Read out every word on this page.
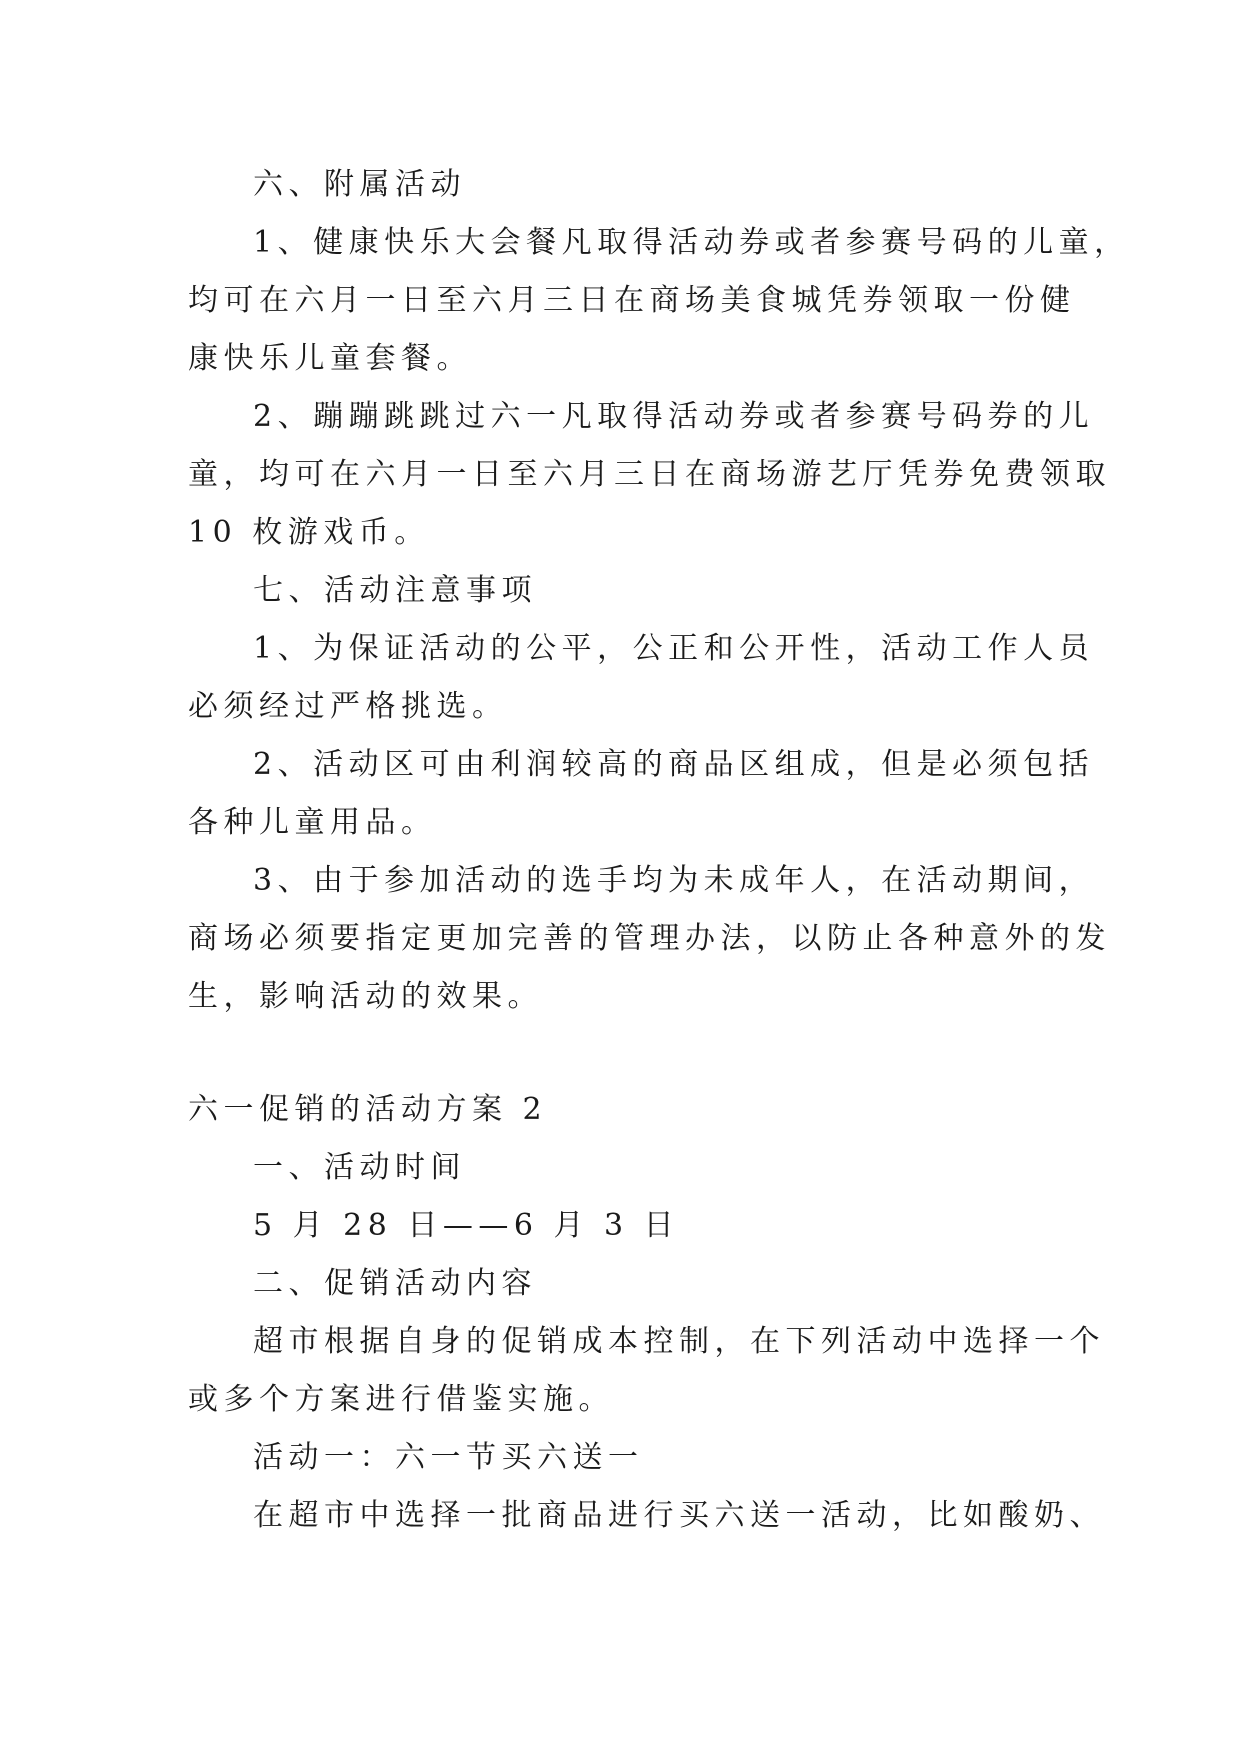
六、附属活动
1、健康快乐大会餐凡取得活动券或者参赛号码的儿童，
均可在六月一日至六月三日在商场美食城凭券领取一份健
康快乐儿童套餐。
2、蹦蹦跳跳过六一凡取得活动券或者参赛号码券的儿
童，均可在六月一日至六月三日在商场游艺厅凭券免费领取
10 枚游戏币。
七、活动注意事项
1、为保证活动的公平，公正和公开性，活动工作人员
必须经过严格挑选。
2、活动区可由利润较高的商品区组成，但是必须包括
各种儿童用品。
3、由于参加活动的选手均为未成年人，在活动期间，
商场必须要指定更加完善的管理办法，以防止各种意外的发
生，影响活动的效果。
六一促销的活动方案 2
一、活动时间
5 月 28 日——6 月 3 日
二、促销活动内容
超市根据自身的促销成本控制，在下列活动中选择一个
或多个方案进行借鉴实施。
活动一：六一节买六送一
在超市中选择一批商品进行买六送一活动，比如酸奶、
